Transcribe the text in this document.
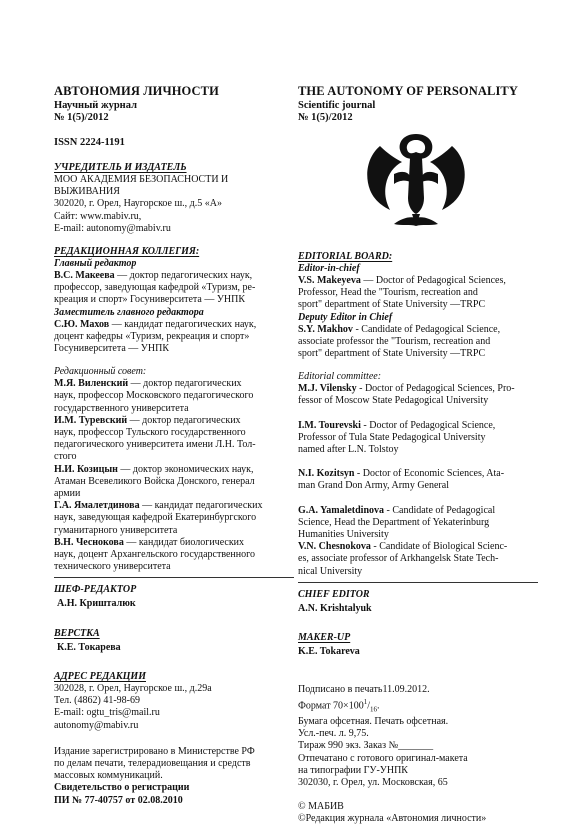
АВТОНОМИЯ ЛИЧНОСТИ

Научный журнал

№ 1(5)/2012

ISSN 2224-1191

УЧРЕДИТЕЛЬ И ИЗДАТЕЛЬ

МОО АКАДЕМИЯ БЕЗОПАСНОСТИ И

ВЫЖИВАНИЯ

302020, г. Орел, Наугорское ш., д.5 «А»

Сайт: www.mabiv.ru,

E-mail: autonomy@mabiv.ru

РЕДАКЦИОННАЯ КОЛЛЕГИЯ:

Главный редактор

В.С. Макеева — доктор педагогических наук,

профессор, заведующая кафедрой «Туризм, ре-

креация и спорт» Госуниверситета — УНПК

Заместитель главного редактора

С.Ю. Махов — кандидат педагогических наук,

доцент кафедры «Туризм, рекреация и спорт»

Госуниверситета — УНПК

Редакционный совет:

М.Я. Виленский — доктор педагогических

наук, профессор Московского педагогического

государственного университета

И.М. Туревский — доктор педагогических

наук, профессор Тульского государственного

педагогического университета имени Л.Н. Тол-

стого

Н.И. Козицын — доктор экономических наук,

Атаман Всевеликого Войска Донского, генерал

армии

Г.А. Ямалетдинова — кандидат педагогических

наук, заведующая кафедрой Екатеринбургского

гуманитарного университета

В.Н. Чеснокова — кандидат биологических

наук, доцент Архангельского государственного

технического университета

ШЕФ-РЕДАКТОР

А.Н. Кришталюк

ВЕРСТКА

К.Е. Токарева

АДРЕС РЕДАКЦИИ

302028, г. Орел, Наугорское ш., д.29а

Тел. (4862) 41-98-69

E-mail: ogtu_tris@mail.ru

autonomy@mabiv.ru

Издание зарегистрировано в Министерстве РФ

по делам печати, телерадиовещания и средств

массовых коммуникаций.

Свидетельство о регистрации

ПИ № 77-40757 от 02.08.2010

THE AUTONOMY OF PERSONALITY

Scientific journal

№ 1(5)/2012

EDITORIAL BOARD:

Editor-in-chief

V.S. Makeyeva — Doctor of Pedagogical Sciences,

Professor, Head the "Tourism, recreation and

sport" department of State University —TRPC

Deputy Editor in Chief

S.Y. Makhov - Candidate of Pedagogical Science,

associate professor the "Tourism, recreation and

sport" department of State University —TRPC

Editorial committee:

M.J. Vilensky - Doctor of Pedagogical Sciences, Pro-

fessor of Moscow State Pedagogical University

I.M. Tourevski - Doctor of Pedagogical Science,

Professor of Tula State Pedagogical University

named after L.N. Tolstoy

N.I. Kozitsyn - Doctor of Economic Sciences, Ata-

man Grand Don Army, Army General

G.A. Yamaletdinova - Candidate of Pedagogical

Science, Head the Department of Yekaterinburg

Humanities University

V.N. Chesnokova - Candidate of Biological Scienc-

es, associate professor of Arkhangelsk State Tech-

nical University

CHIEF EDITOR

A.N. Krishtalyuk

MAKER-UP

K.E. Tokareva

Подписано в печать11.09.2012.

Формат $70\times 100^1/_{16}$.

Бумага офсетная. Печать офсетная.

Усл.-печ. л. 9,75.

Тираж 990 экз. Заказ №_______

Отпечатано с готового оригинал-макета

на типографии ГУ-УНПК

302030, г. Орел, ул. Московская, 65

© МАБИВ

©Редакция журнала «Автономия личности»
